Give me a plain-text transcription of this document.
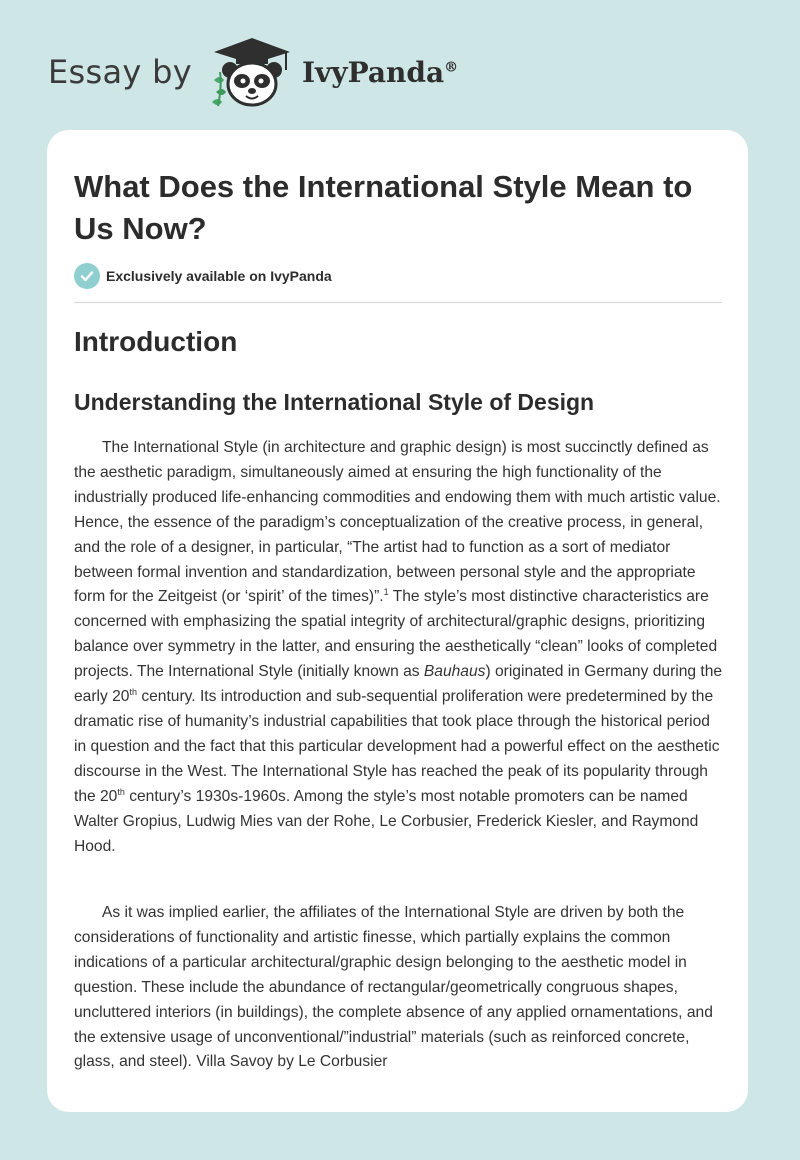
Essay by	IvyPanda®
What Does the International Style Mean to Us Now?
Exclusively available on IvyPanda
Introduction
Understanding the International Style of Design

The International Style (in architecture and graphic design) is most succinctly defined as the aesthetic paradigm, simultaneously aimed at ensuring the high functionality of the industrially produced life-enhancing commodities and endowing them with much artistic value. Hence, the essence of the paradigm’s conceptualization of the creative process, in general, and the role of a designer, in particular, “The artist had to function as a sort of mediator between formal invention and standardization, between personal style and the appropriate form for the Zeitgeist (or ‘spirit’ of the times)”.$^1$ The style’s most distinctive characteristics are concerned with emphasizing the spatial integrity of architectural/graphic designs, prioritizing balance over symmetry in the latter, and ensuring the aesthetically “clean” looks of completed projects. The International Style (initially known as Bauhaus) originated in Germany during the early 20th century. Its introduction and sub-sequential proliferation were predetermined by the dramatic rise of humanity’s industrial capabilities that took place through the historical period in question and the fact that this particular development had a powerful effect on the aesthetic discourse in the West. The International Style has reached the peak of its popularity through the 20th century’s 1930s-1960s. Among the style’s most notable promoters can be named Walter Gropius, Ludwig Mies van der Rohe, Le Corbusier, Frederick Kiesler, and Raymond Hood.

As it was implied earlier, the affiliates of the International Style are driven by both the considerations of functionality and artistic finesse, which partially explains the common indications of a particular architectural/graphic design belonging to the aesthetic model in question. These include the abundance of rectangular/geometrically congruous shapes, uncluttered interiors (in buildings), the complete absence of any applied ornamentations, and the extensive usage of unconventional/”industrial” materials (such as reinforced concrete, glass, and steel). Villa Savoy by Le Corbusier
